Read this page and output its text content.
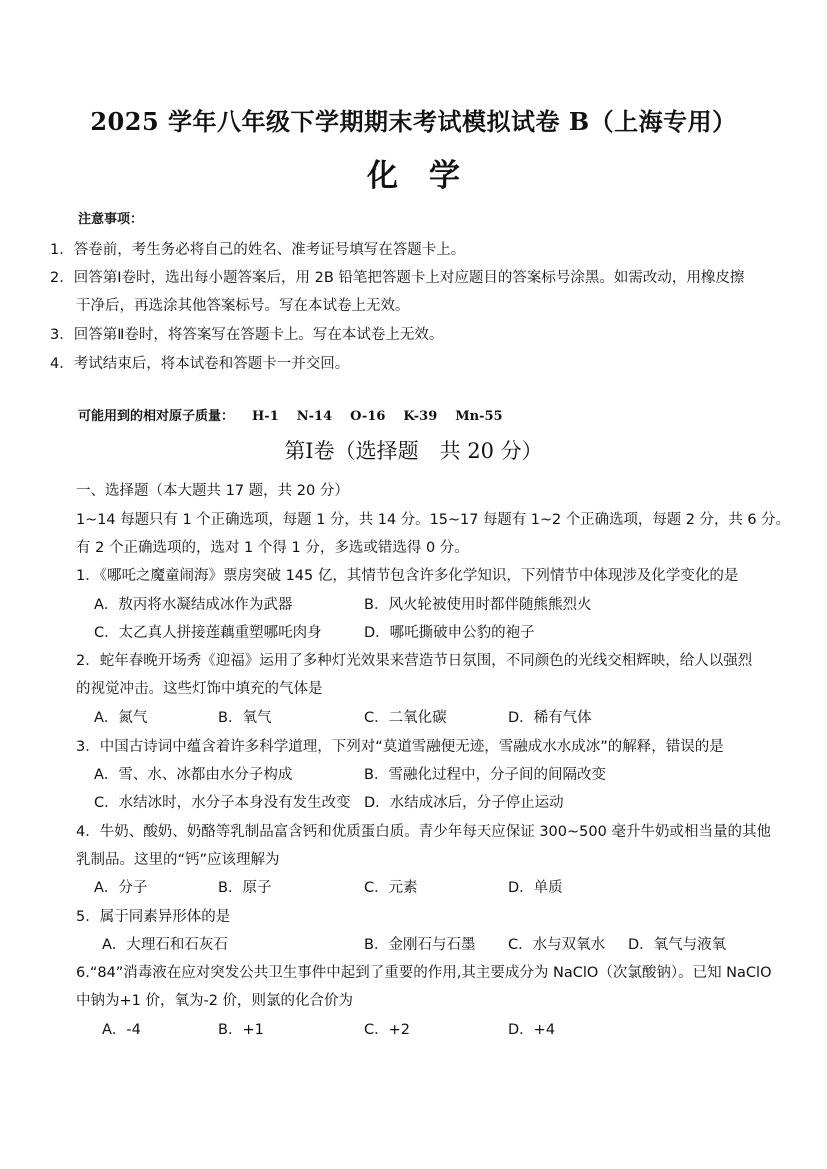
2025 学年八年级下学期期末考试模拟试卷 B（上海专用）
化　学
注意事项：
1．答卷前，考生务必将自己的姓名、准考证号填写在答题卡上。
2．回答第Ⅰ卷时，选出每小题答案后，用 2B 铅笔把答题卡上对应题目的答案标号涂黑。如需改动，用橡皮擦
干净后，再选涂其他答案标号。写在本试卷上无效。
3．回答第Ⅱ卷时，将答案写在答题卡上。写在本试卷上无效。
4．考试结束后，将本试卷和答题卡一并交回。
可能用到的相对原子质量： H-1 N-14 O-16 K-39 Mn-55
第Ⅰ卷（选择题　共 20 分）
一、选择题（本大题共 17 题，共 20 分）
1~14 每题只有 1 个正确选项，每题 1 分，共 14 分。15~17 每题有 1~2 个正确选项，每题 2 分，共 6 分。
有 2 个正确选项的，选对 1 个得 1 分，多选或错选得 0 分。
1．《哪吒之魔童闹海》票房突破 145 亿，其情节包含许多化学知识，下列情节中体现涉及化学变化的是
A．敖丙将水凝结成冰作为武器	B．风火轮被使用时都伴随熊熊烈火
C．太乙真人拼接莲藕重塑哪吒肉身	D．哪吒撕破申公豹的袍子
2．蛇年春晚开场秀《迎福》运用了多种灯光效果来营造节日氛围，不同颜色的光线交相辉映，给人以强烈
的视觉冲击。这些灯饰中填充的气体是
A．氮气	B．氧气	C．二氧化碳	D．稀有气体
3．中国古诗词中蕴含着许多科学道理，下列对“莫道雪融便无迹，雪融成水水成冰”的解释，错误的是
A．雪、水、冰都由水分子构成	B．雪融化过程中，分子间的间隔改变
C．水结冰时，水分子本身没有发生改变 D．水结成冰后，分子停止运动
4．牛奶、酸奶、奶酪等乳制品富含钙和优质蛋白质。青少年每天应保证 300~500 毫升牛奶或相当量的其他
乳制品。这里的“钙”应该理解为
A．分子	B．原子	C．元素	D．单质
5．属于同素异形体的是
A．大理石和石灰石	B．金刚石与石墨 C．水与双氧水 D．氧气与液氧
6.“84”消毒液在应对突发公共卫生事件中起到了重要的作用,其主要成分为 NaClO（次氯酸钠）。已知 NaClO
中钠为+1 价，氧为-2 价，则氯的化合价为
A．-4	B．+1	C．+2	D．+4
